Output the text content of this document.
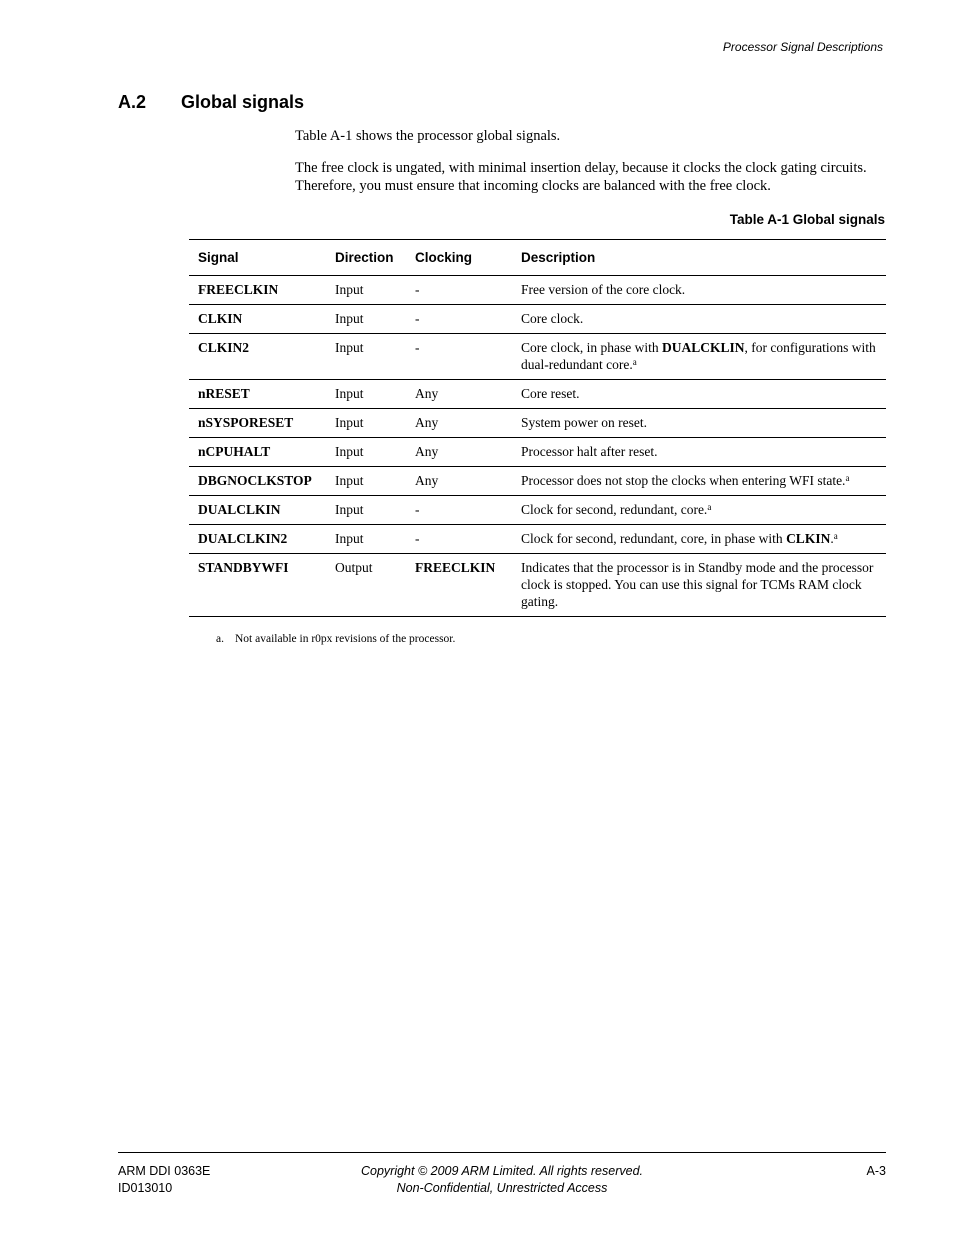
Processor Signal Descriptions
A.2 Global signals
Table A-1 shows the processor global signals.
The free clock is ungated, with minimal insertion delay, because it clocks the clock gating circuits. Therefore, you must ensure that incoming clocks are balanced with the free clock.
Table A-1 Global signals
Signal	Direction	Clocking	Description
FREECLKIN	Input	-	Free version of the core clock.
CLKIN	Input	-	Core clock.
CLKIN2	Input	-	Core clock, in phase with DUALCKLIN, for configurations with dual-redundant core.$^a$
nRESET	Input	Any	Core reset.
nSYSPORESET	Input	Any	System power on reset.
nCPUHALT	Input	Any	Processor halt after reset.
DBGNOCLKSTOP	Input	Any	Processor does not stop the clocks when entering WFI state.$^a$
DUALCLKIN	Input	-	Clock for second, redundant, core.$^a$
DUALCLKIN2	Input	-	Clock for second, redundant, core, in phase with CLKIN.$^a$
STANDBYWFI	Output	FREECLKIN	Indicates that the processor is in Standby mode and the processor clock is stopped. You can use this signal for TCMs RAM clock gating.
a. Not available in r0px revisions of the processor.
ARM DDI 0363E
ID013010
Copyright © 2009 ARM Limited. All rights reserved.
Non-Confidential, Unrestricted Access
A-3
